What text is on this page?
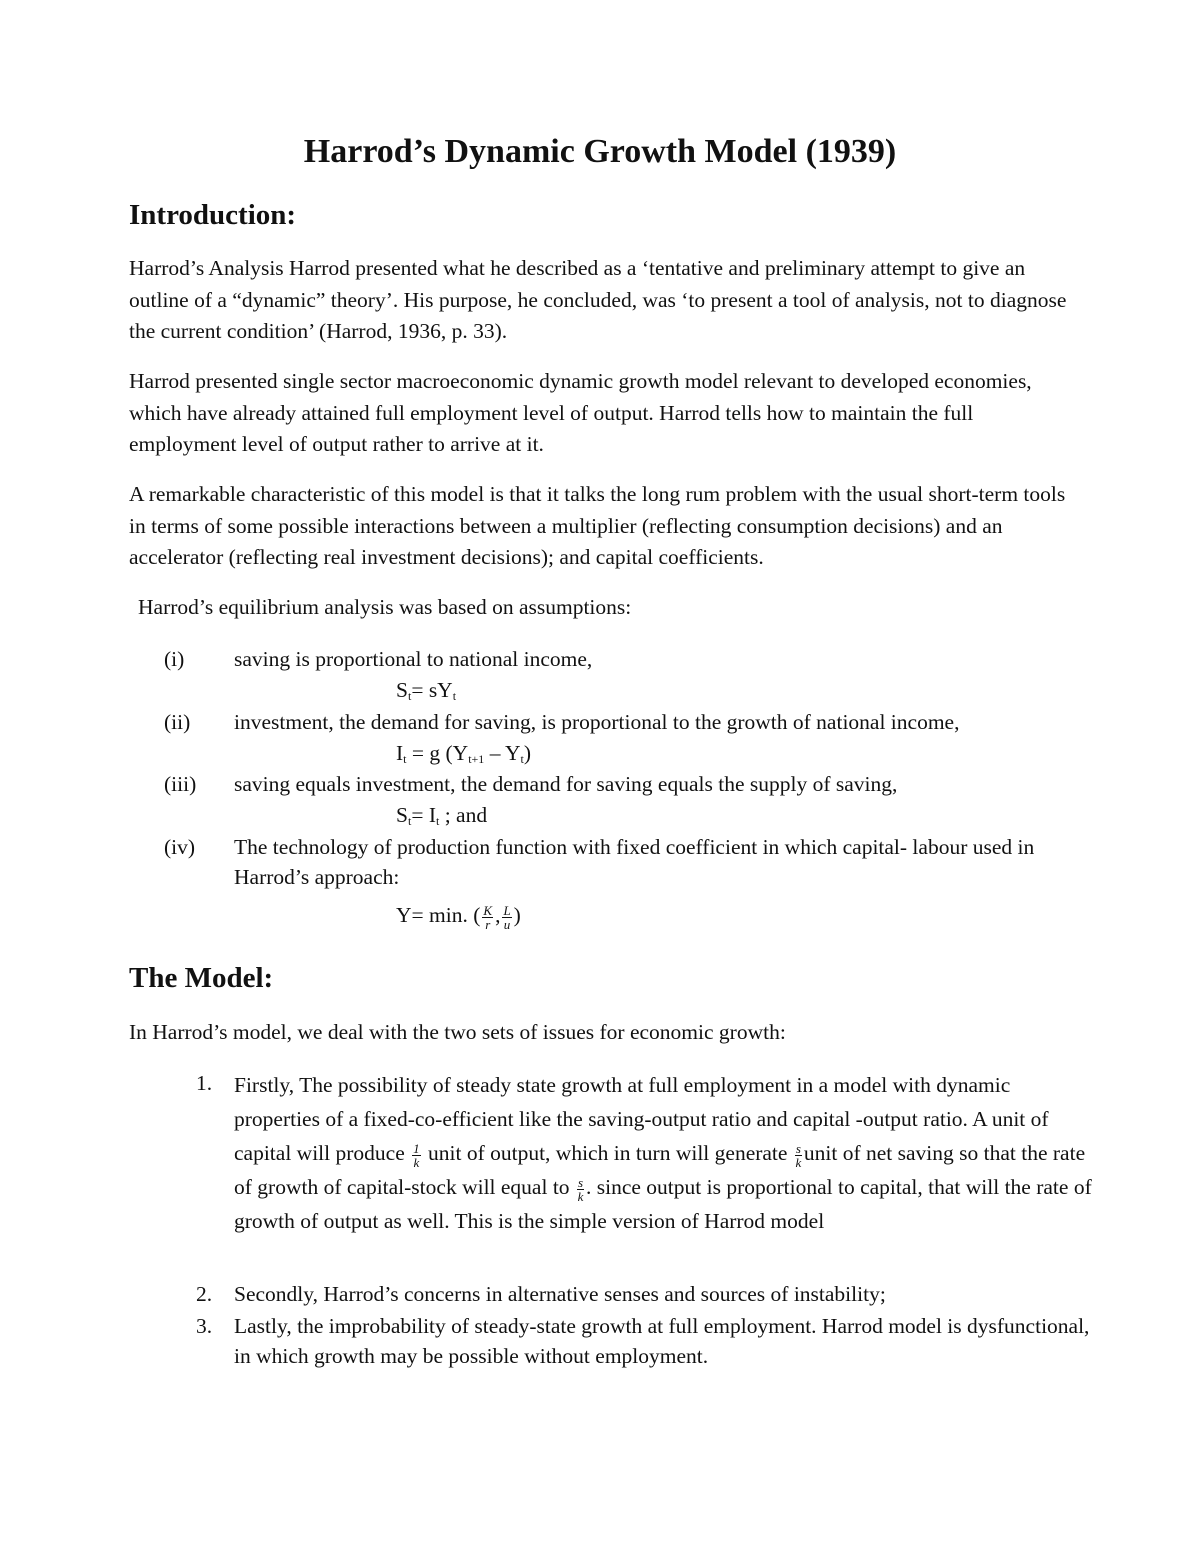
Harrod’s Dynamic Growth Model (1939)
Introduction:
Harrod’s Analysis Harrod presented what he described as a ‘tentative and preliminary attempt to give an outline of a “dynamic” theory’. His purpose, he concluded, was ‘to present a tool of analysis, not to diagnose the current condition’ (Harrod, 1936, p. 33).
Harrod presented single sector macroeconomic dynamic growth model relevant to developed economies, which have already attained full employment level of output. Harrod tells how to maintain the full employment level of output rather to arrive at it.
A remarkable characteristic of this model is that it talks the long rum problem with the usual short-term tools in terms of some possible interactions between a multiplier (reflecting consumption decisions) and an accelerator (reflecting real investment decisions); and capital coefficients.
Harrod’s equilibrium analysis was based on assumptions:
(i) saving is proportional to national income,
$S_t= sY_t$
(ii) investment, the demand for saving, is proportional to the growth of national income,
$I_t = g$ $(Y_{t+1} - Y_t)$
(iii) saving equals investment, the demand for saving equals the supply of saving,
$S_t= I_t$ ; and
(iv) The technology of production function with fixed coefficient in which capital- labour used in Harrod’s approach:
Y= min. ( $\frac{K}{r}$ , $\frac{L}{u}$ )
The Model:
In Harrod’s model, we deal with the two sets of issues for economic growth:
1. Firstly, The possibility of steady state growth at full employment in a model with dynamic properties of a fixed-co-efficient like the saving-output ratio and capital -output ratio. A unit of capital will produce $\frac{1}{k}$ unit of output, which in turn will generate $\frac{s}{k}$ unit of net saving so that the rate of growth of capital-stock will equal to $\frac{s}{k}$ . since output is proportional to capital, that will the rate of growth of output as well. This is the simple version of Harrod model
2. Secondly, Harrod’s concerns in alternative senses and sources of instability;
3. Lastly, the improbability of steady-state growth at full employment. Harrod model is dysfunctional, in which growth may be possible without employment.
